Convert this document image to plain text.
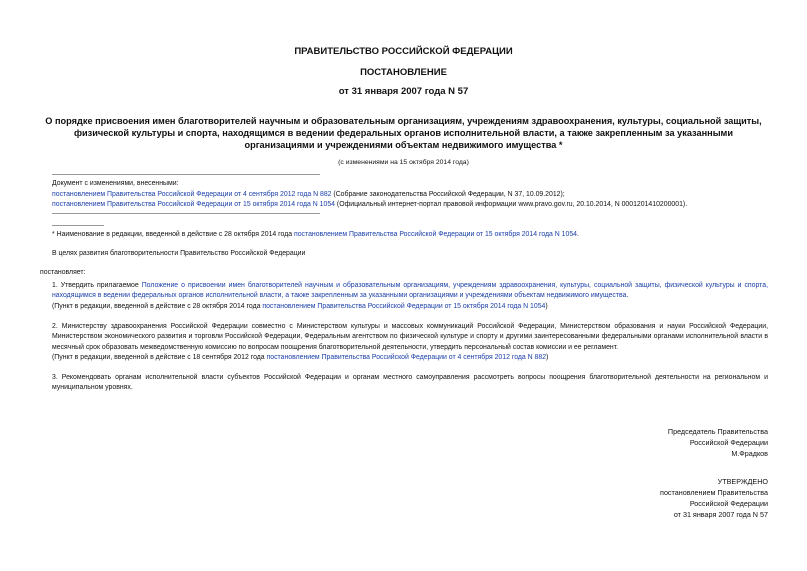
ПРАВИТЕЛЬСТВО РОССИЙСКОЙ ФЕДЕРАЦИИ
ПОСТАНОВЛЕНИЕ
от 31 января 2007 года N 57
О порядке присвоения имен благотворителей научным и образовательным организациям, учреждениям здравоохранения, культуры, социальной защиты, физической культуры и спорта, находящимся в ведении федеральных органов исполнительной власти, а также закрепленным за указанными организациями и учреждениями объектам недвижимого имущества *
(с изменениями на 15 октября 2014 года)
Документ с изменениями, внесенными:
постановлением Правительства Российской Федерации от 4 сентября 2012 года N 882 (Собрание законодательства Российской Федерации, N 37, 10.09.2012);
постановлением Правительства Российской Федерации от 15 октября 2014 года N 1054 (Официальный интернет-портал правовой информации www.pravo.gov.ru, 20.10.2014, N 0001201410200001).
* Наименование в редакции, введенной в действие с 28 октября 2014 года постановлением Правительства Российской Федерации от 15 октября 2014 года N 1054.
В целях развития благотворительности Правительство Российской Федерации
постановляет:
1. Утвердить прилагаемое Положение о присвоении имен благотворителей научным и образовательным организациям, учреждениям здравоохранения, культуры, социальной защиты, физической культуры и спорта, находящимся в ведении федеральных органов исполнительной власти, а также закрепленным за указанными организациями и учреждениями объектам недвижимого имущества.
(Пункт в редакции, введенной в действие с 28 октября 2014 года постановлением Правительства Российской Федерации от 15 октября 2014 года N 1054)
2. Министерству здравоохранения Российской Федерации совместно с Министерством культуры и массовых коммуникаций Российской Федерации, Министерством образования и науки Российской Федерации, Министерством экономического развития и торговли Российской Федерации, Федеральным агентством по физической культуре и спорту и другими заинтересованными федеральными органами исполнительной власти в месячный срок образовать межведомственную комиссию по вопросам поощрения благотворительной деятельности, утвердить персональный состав комиссии и ее регламент.
(Пункт в редакции, введенной в действие с 18 сентября 2012 года постановлением Правительства Российской Федерации от 4 сентября 2012 года N 882)
3. Рекомендовать органам исполнительной власти субъектов Российской Федерации и органам местного самоуправления рассмотреть вопросы поощрения благотворительной деятельности на региональном и муниципальном уровнях.
Председатель Правительства
Российской Федерации
М.Фрадков
УТВЕРЖДЕНО
постановлением Правительства
Российской Федерации
от 31 января 2007 года N 57
